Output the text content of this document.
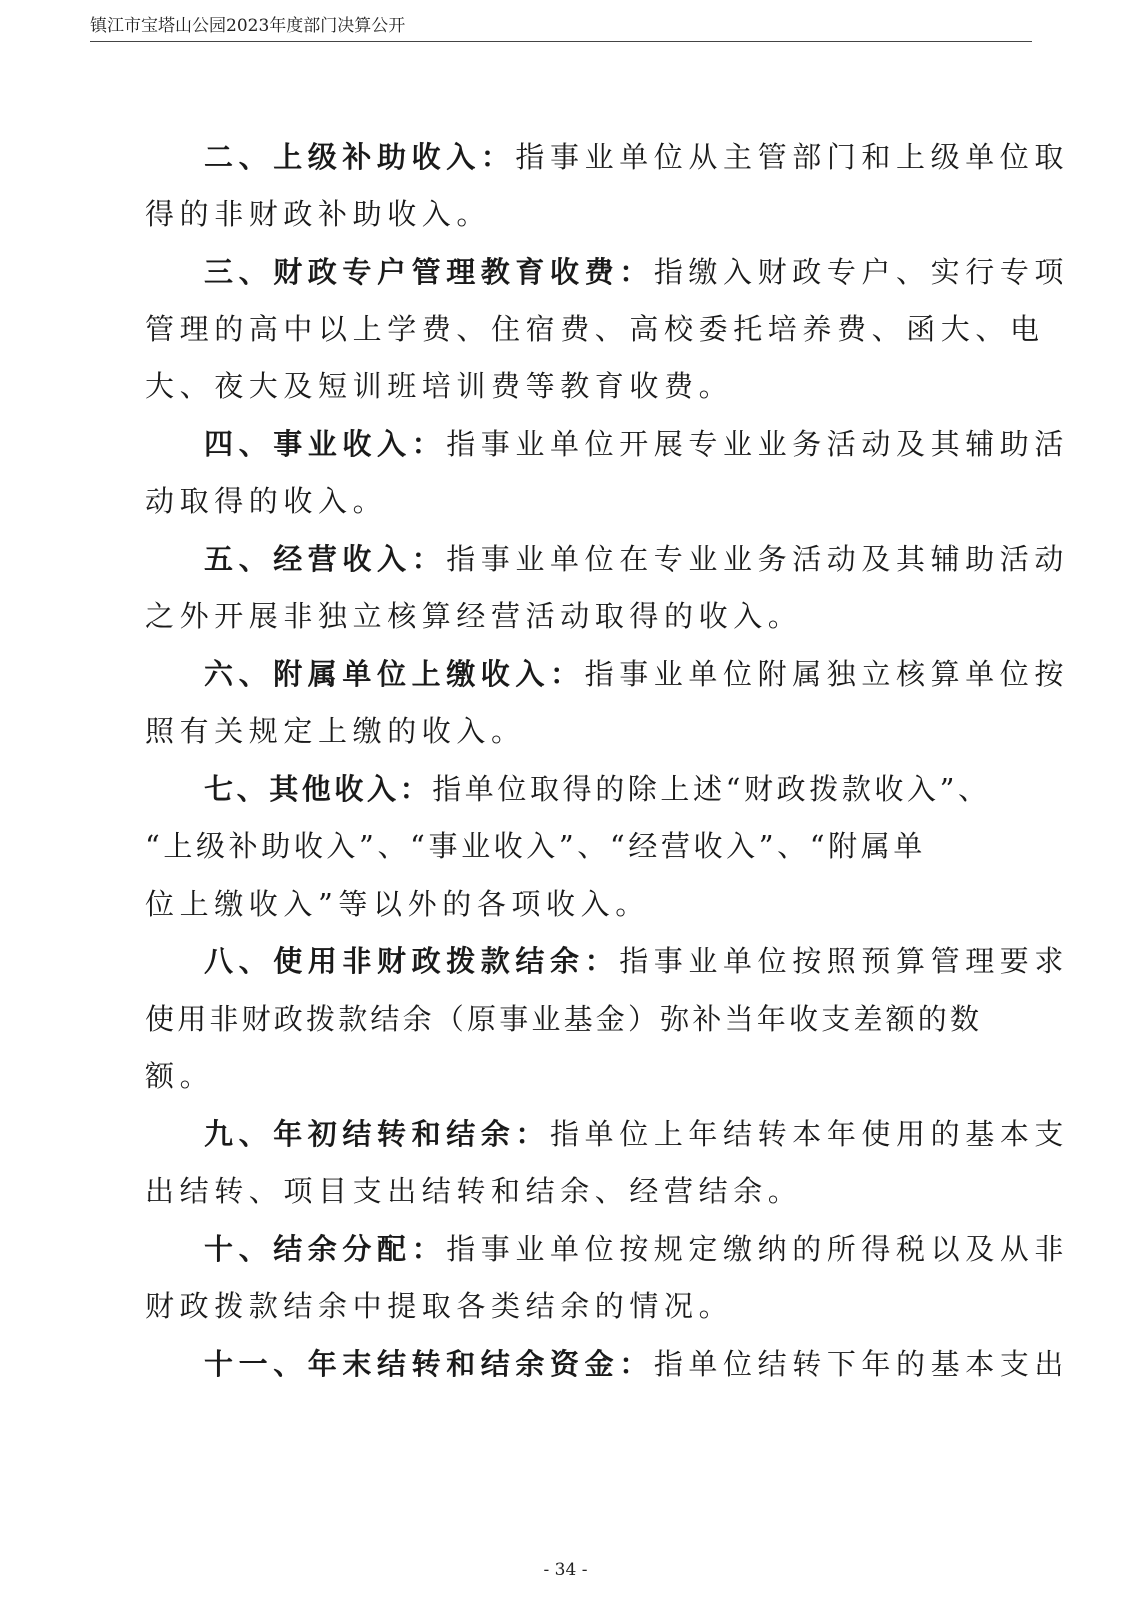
镇江市宝塔山公园2023年度部门决算公开
二、上级补助收入：指事业单位从主管部门和上级单位取
得的非财政补助收入。
三、财政专户管理教育收费：指缴入财政专户、实行专项
管理的高中以上学费、住宿费、高校委托培养费、函大、电
大、夜大及短训班培训费等教育收费。
四、事业收入：指事业单位开展专业业务活动及其辅助活
动取得的收入。
五、经营收入：指事业单位在专业业务活动及其辅助活动
之外开展非独立核算经营活动取得的收入。
六、附属单位上缴收入：指事业单位附属独立核算单位按
照有关规定上缴的收入。
七、其他收入：指单位取得的除上述“财政拨款收入”、
“上级补助收入”、“事业收入”、“经营收入”、“附属单
位上缴收入”等以外的各项收入。
八、使用非财政拨款结余：指事业单位按照预算管理要求
使用非财政拨款结余（原事业基金）弥补当年收支差额的数
额。
九、年初结转和结余：指单位上年结转本年使用的基本支
出结转、项目支出结转和结余、经营结余。
十、结余分配：指事业单位按规定缴纳的所得税以及从非
财政拨款结余中提取各类结余的情况。
十一、年末结转和结余资金：指单位结转下年的基本支出
- 34 -
